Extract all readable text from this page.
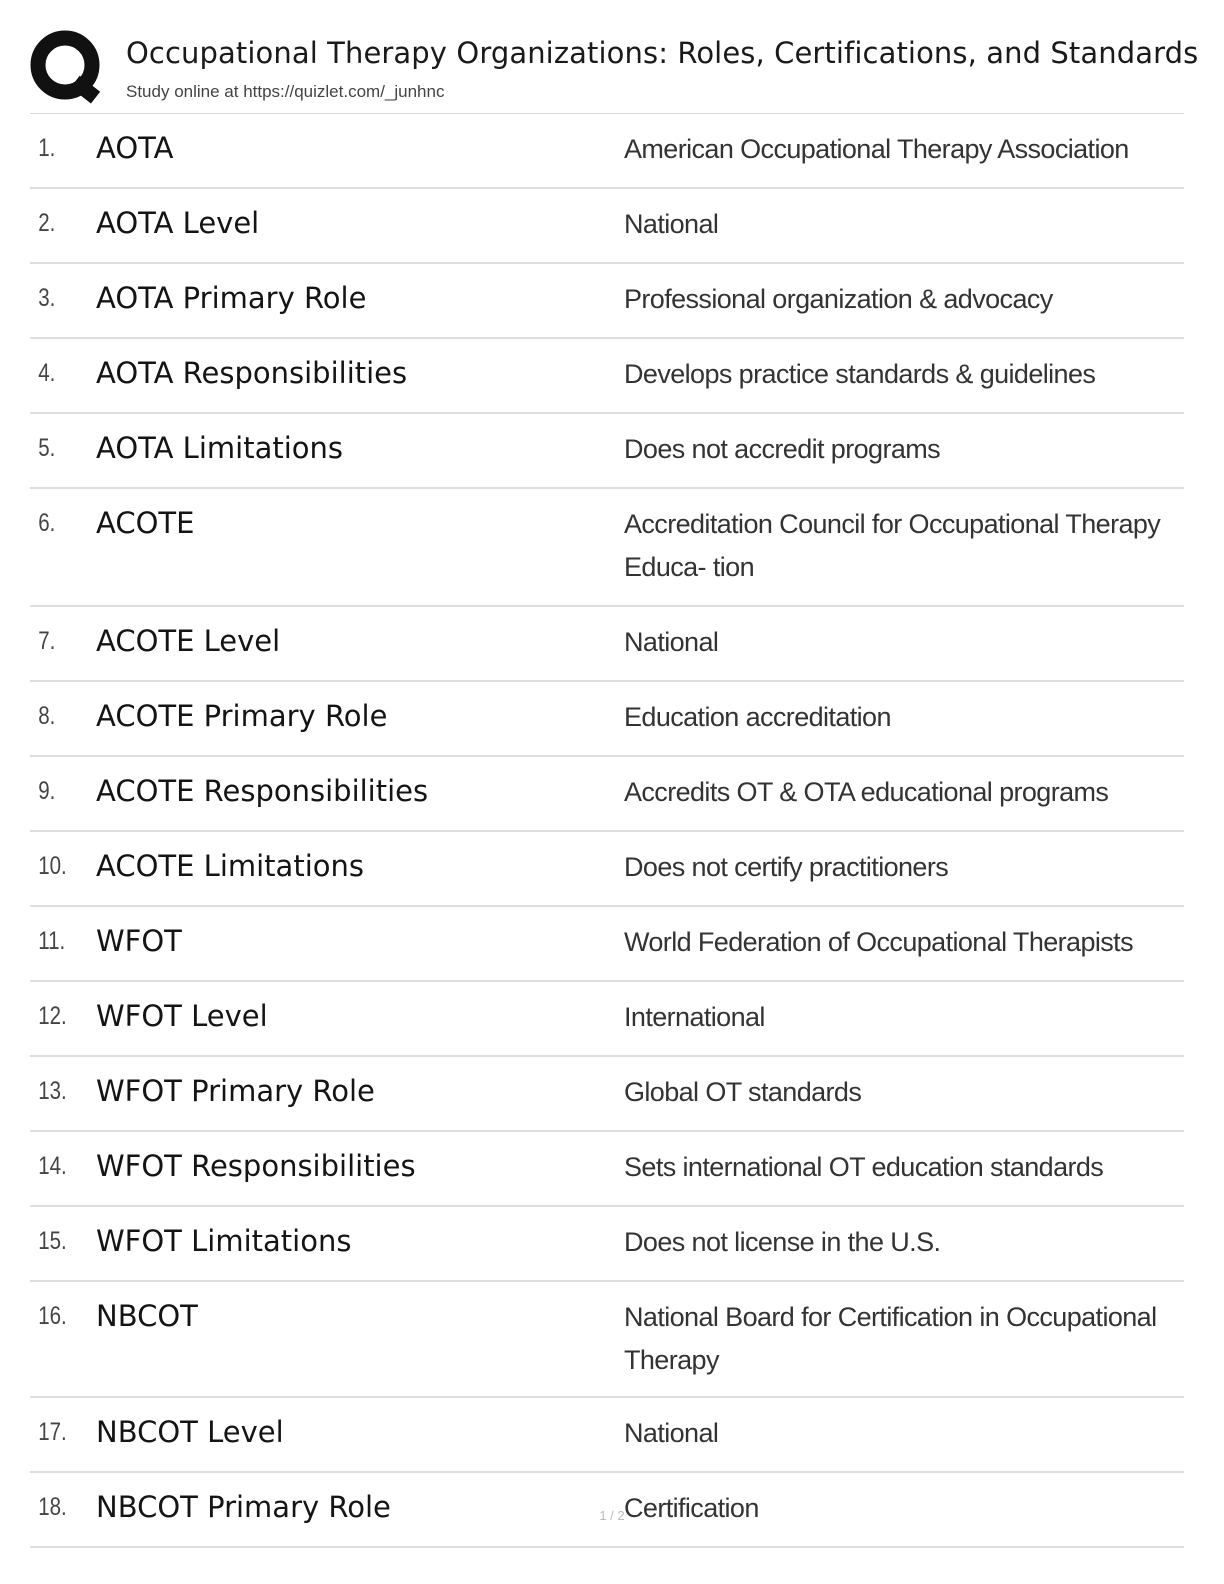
Occupational Therapy Organizations: Roles, Certifications, and Standards
Study online at https://quizlet.com/_junhnc
1.	AOTA	American Occupational Therapy Association
2.	AOTA Level	National
3.	AOTA Primary Role	Professional organization & advocacy
4.	AOTA Responsibilities	Develops practice standards & guidelines
5.	AOTA Limitations	Does not accredit programs
6.	ACOTE	Accreditation Council for Occupational Therapy Educa- tion
7.	ACOTE Level	National
8.	ACOTE Primary Role	Education accreditation
9.	ACOTE Responsibilities	Accredits OT & OTA educational programs
10.	ACOTE Limitations	Does not certify practitioners
11.	WFOT	World Federation of Occupational Therapists
12.	WFOT Level	International
13.	WFOT Primary Role	Global OT standards
14.	WFOT Responsibilities	Sets international OT education standards
15.	WFOT Limitations	Does not license in the U.S.
16.	NBCOT	National Board for Certification in Occupational Therapy
17.	NBCOT Level	National
18.	NBCOT Primary Role	Certification
1 / 2
